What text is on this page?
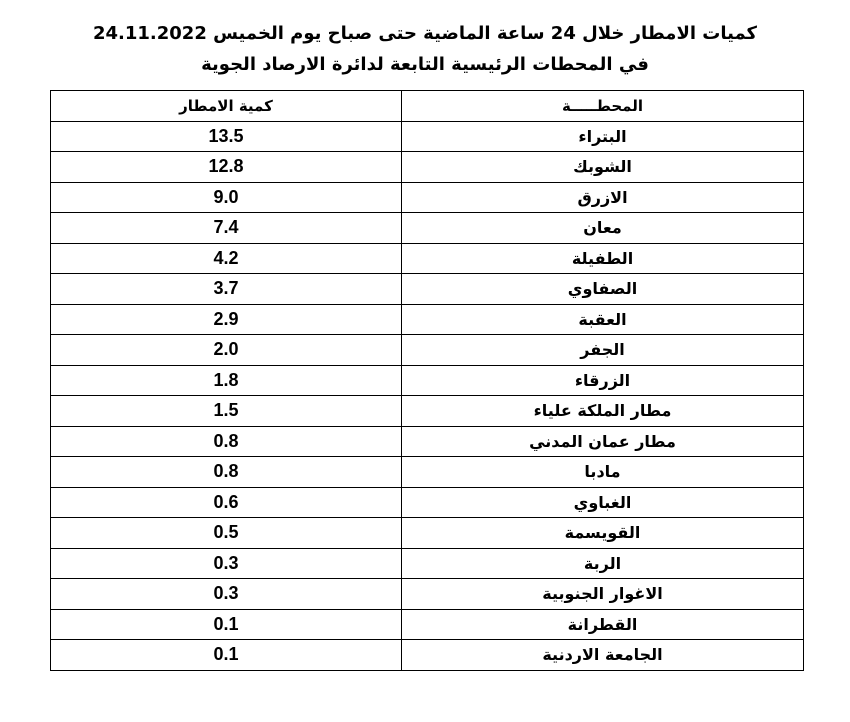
كميات الامطار خلال 24 ساعة الماضية حتى صباح يوم الخميس 24.11.2022
في المحطات الرئيسية التابعة لدائرة الارصاد الجوية
كمية الامطار	المحطـــــة
13.5	البتراء
12.8	الشوبك
9.0	الازرق
7.4	معان
4.2	الطفيلة
3.7	الصفاوي
2.9	العقبة
2.0	الجفر
1.8	الزرقاء
1.5	مطار الملكة علياء
0.8	مطار عمان المدني
0.8	مادبا
0.6	الغباوي
0.5	القويسمة
0.3	الربة
0.3	الاغوار الجنوبية
0.1	القطرانة
0.1	الجامعة الاردنية
